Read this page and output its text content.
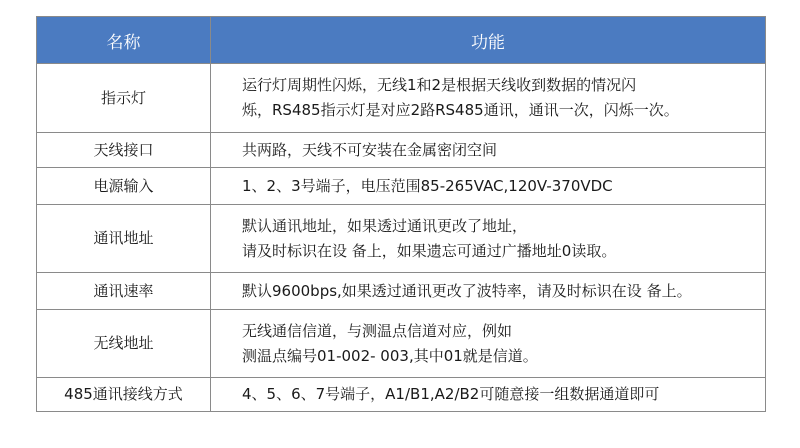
名称	功能
指示灯	运行灯周期性闪烁，无线1和2是根据天线收到数据的情况闪
烁，RS485指示灯是对应2路RS485通讯，通讯一次，闪烁一次。

天线接口	共两路，天线不可安装在金属密闭空间

电源输入	1、2、3号端子，电压范围85-265VAC,120V-370VDC

通讯地址	默认通讯地址，如果透过通讯更改了地址，
请及时标识在设 备上，如果遗忘可通过广播地址0读取。

通讯速率	默认9600bps,如果透过通讯更改了波特率，请及时标识在设 备上。

无线地址	无线通信信道，与测温点信道对应，例如
测温点编号01-002- 003,其中01就是信道。

485通讯接线方式	4、5、6、7号端子，A1/B1,A2/B2可随意接一组数据通道即可
